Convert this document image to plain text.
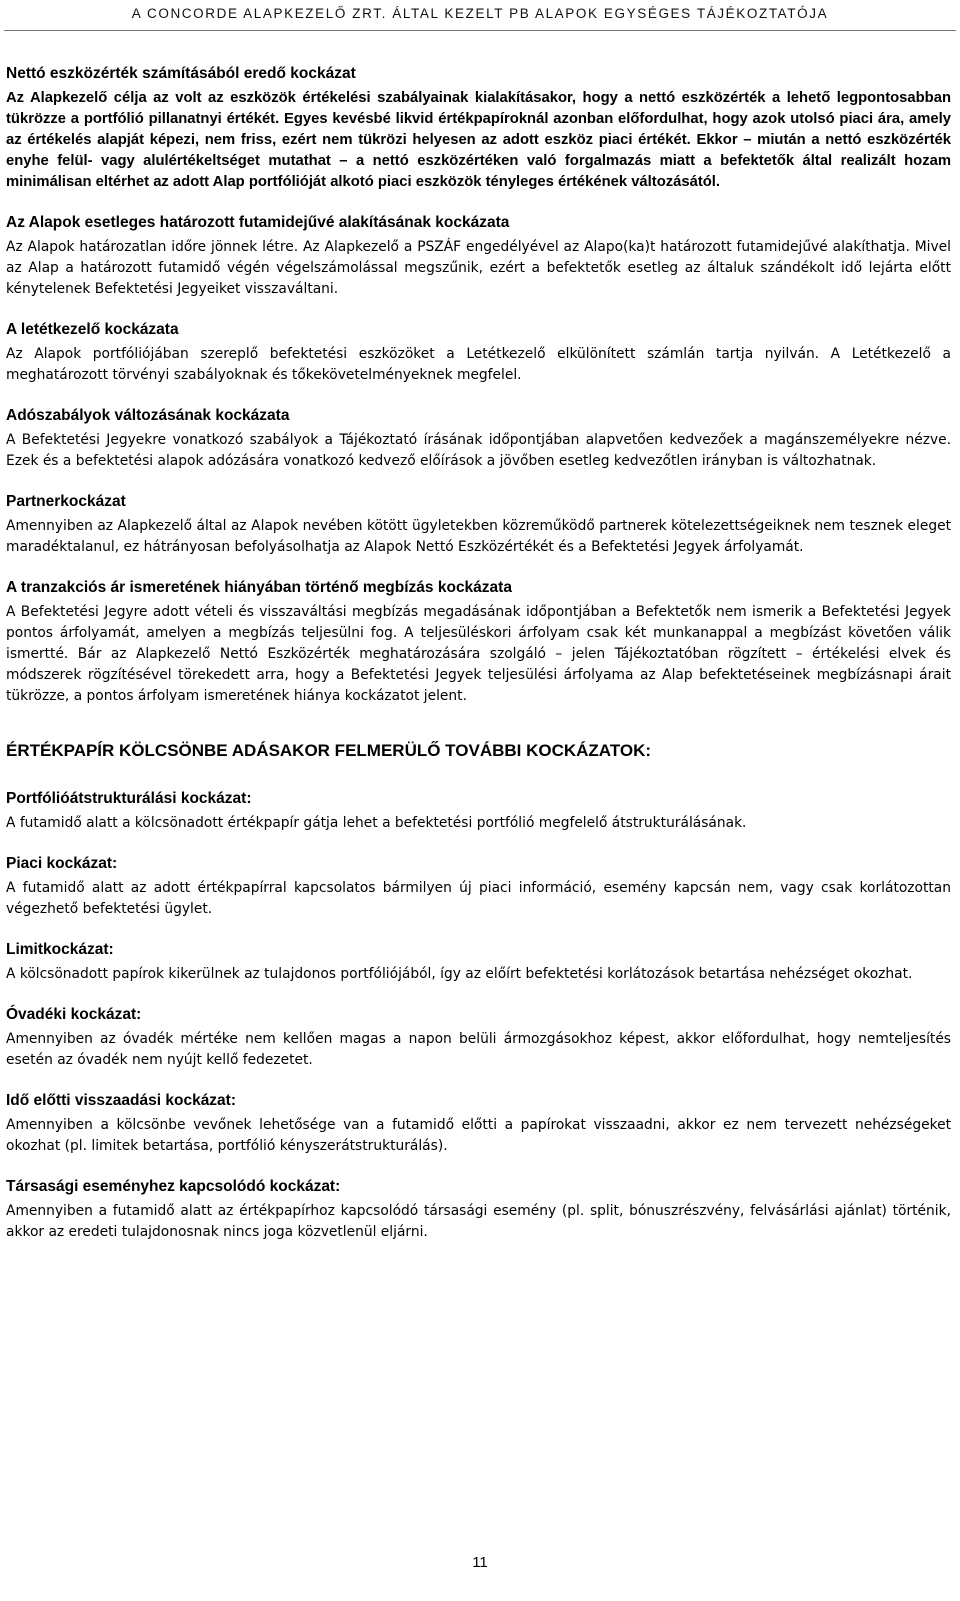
A CONCORDE ALAPKEZELŐ ZRT. ÁLTAL KEZELT PB ALAPOK EGYSÉGES TÁJÉKOZTATÓJA
Nettó eszközérték számításából eredő kockázat

Az Alapkezelő célja az volt az eszközök értékelési szabályainak kialakításakor, hogy a nettó eszközérték a lehető legpontosabban tükrözze a portfólió pillanatnyi értékét. Egyes kevésbé likvid értékpapíroknál azonban előfordulhat, hogy azok utolsó piaci ára, amely az értékelés alapját képezi, nem friss, ezért nem tükrözi helyesen az adott eszköz piaci értékét. Ekkor – miután a nettó eszközérték enyhe felül- vagy alulértékeltséget mutathat – a nettó eszközértéken való forgalmazás miatt a befektetők által realizált hozam minimálisan eltérhet az adott Alap portfólióját alkotó piaci eszközök tényleges értékének változásától.

Az Alapok esetleges határozott futamidejűvé alakításának kockázata

Az Alapok határozatlan időre jönnek létre. Az Alapkezelő a PSZÁF engedélyével az Alapo(ka)t határozott futamidejűvé alakíthatja. Mivel az Alap a határozott futamidő végén végelszámolással megszűnik, ezért a befektetők esetleg az általuk szándékolt idő lejárta előtt kénytelenek Befektetési Jegyeiket visszaváltani.

A letétkezelő kockázata

Az Alapok portfóliójában szereplő befektetési eszközöket a Letétkezelő elkülönített számlán tartja nyilván. A Letétkezelő a meghatározott törvényi szabályoknak és tőkekövetelményeknek megfelel.

Adószabályok változásának kockázata

A Befektetési Jegyekre vonatkozó szabályok a Tájékoztató írásának időpontjában alapvetően kedvezőek a magánszemélyekre nézve. Ezek és a befektetési alapok adózására vonatkozó kedvező előírások a jövőben esetleg kedvezőtlen irányban is változhatnak.

Partnerkockázat

Amennyiben az Alapkezelő által az Alapok nevében kötött ügyletekben közreműködő partnerek kötelezettségeiknek nem tesznek eleget maradéktalanul, ez hátrányosan befolyásolhatja az Alapok Nettó Eszközértékét és a Befektetési Jegyek árfolyamát.

A tranzakciós ár ismeretének hiányában történő megbízás kockázata

A Befektetési Jegyre adott vételi és visszaváltási megbízás megadásának időpontjában a Befektetők nem ismerik a Befektetési Jegyek pontos árfolyamát, amelyen a megbízás teljesülni fog. A teljesüléskori árfolyam csak két munkanappal a megbízást követően válik ismertté. Bár az Alapkezelő Nettó Eszközérték meghatározására szolgáló – jelen Tájékoztatóban rögzített – értékelési elvek és módszerek rögzítésével törekedett arra, hogy a Befektetési Jegyek teljesülési árfolyama az Alap befektetéseinek megbízásnapi árait tükrözze, a pontos árfolyam ismeretének hiánya kockázatot jelent.

ÉRTÉKPAPÍR KÖLCSÖNBE ADÁSAKOR FELMERÜLŐ TOVÁBBI KOCKÁZATOK:
Portfólióátstrukturálási kockázat:

A futamidő alatt a kölcsönadott értékpapír gátja lehet a befektetési portfólió megfelelő átstrukturálásának.

Piaci kockázat:

A futamidő alatt az adott értékpapírral kapcsolatos bármilyen új piaci információ, esemény kapcsán nem, vagy csak korlátozottan végezhető befektetési ügylet.

Limitkockázat:

A kölcsönadott papírok kikerülnek az tulajdonos portfóliójából, így az előírt befektetési korlátozások betartása nehézséget okozhat.

Óvadéki kockázat:

Amennyiben az óvadék mértéke nem kellően magas a napon belüli ármozgásokhoz képest, akkor előfordulhat, hogy nemteljesítés esetén az óvadék nem nyújt kellő fedezetet.

Idő előtti visszaadási kockázat:

Amennyiben a kölcsönbe vevőnek lehetősége van a futamidő előtti a papírokat visszaadni, akkor ez nem tervezett nehézségeket okozhat (pl. limitek betartása, portfólió kényszerátstrukturálás).

Társasági eseményhez kapcsolódó kockázat:

Amennyiben a futamidő alatt az értékpapírhoz kapcsolódó társasági esemény (pl. split, bónuszrészvény, felvásárlási ajánlat) történik, akkor az eredeti tulajdonosnak nincs joga közvetlenül eljárni.

11
